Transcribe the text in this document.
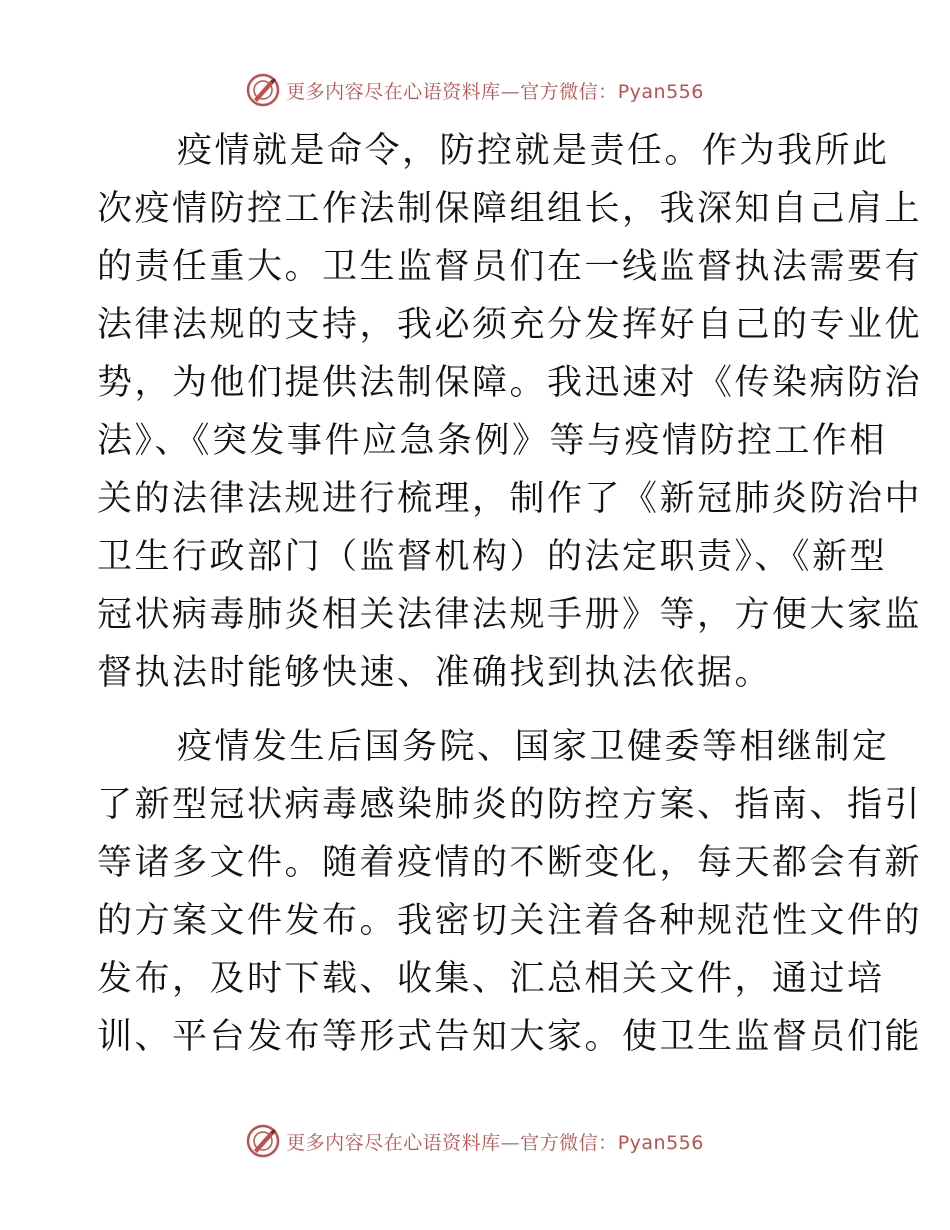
更多内容尽在心语资料库—官方微信：Pyan556

疫情就是命令，防控就是责任。作为我所此
次疫情防控工作法制保障组组长，我深知自己肩上
的责任重大。卫生监督员们在一线监督执法需要有
法律法规的支持，我必须充分发挥好自己的专业优
势，为他们提供法制保障。我迅速对《传染病防治
法》、《突发事件应急条例》等与疫情防控工作相
关的法律法规进行梳理，制作了《新冠肺炎防治中
卫生行政部门（监督机构）的法定职责》、《新型
冠状病毒肺炎相关法律法规手册》等，方便大家监
督执法时能够快速、准确找到执法依据。

疫情发生后国务院、国家卫健委等相继制定
了新型冠状病毒感染肺炎的防控方案、指南、指引
等诸多文件。随着疫情的不断变化，每天都会有新
的方案文件发布。我密切关注着各种规范性文件的
发布，及时下载、收集、汇总相关文件，通过培
训、平台发布等形式告知大家。使卫生监督员们能

更多内容尽在心语资料库—官方微信：Pyan556
